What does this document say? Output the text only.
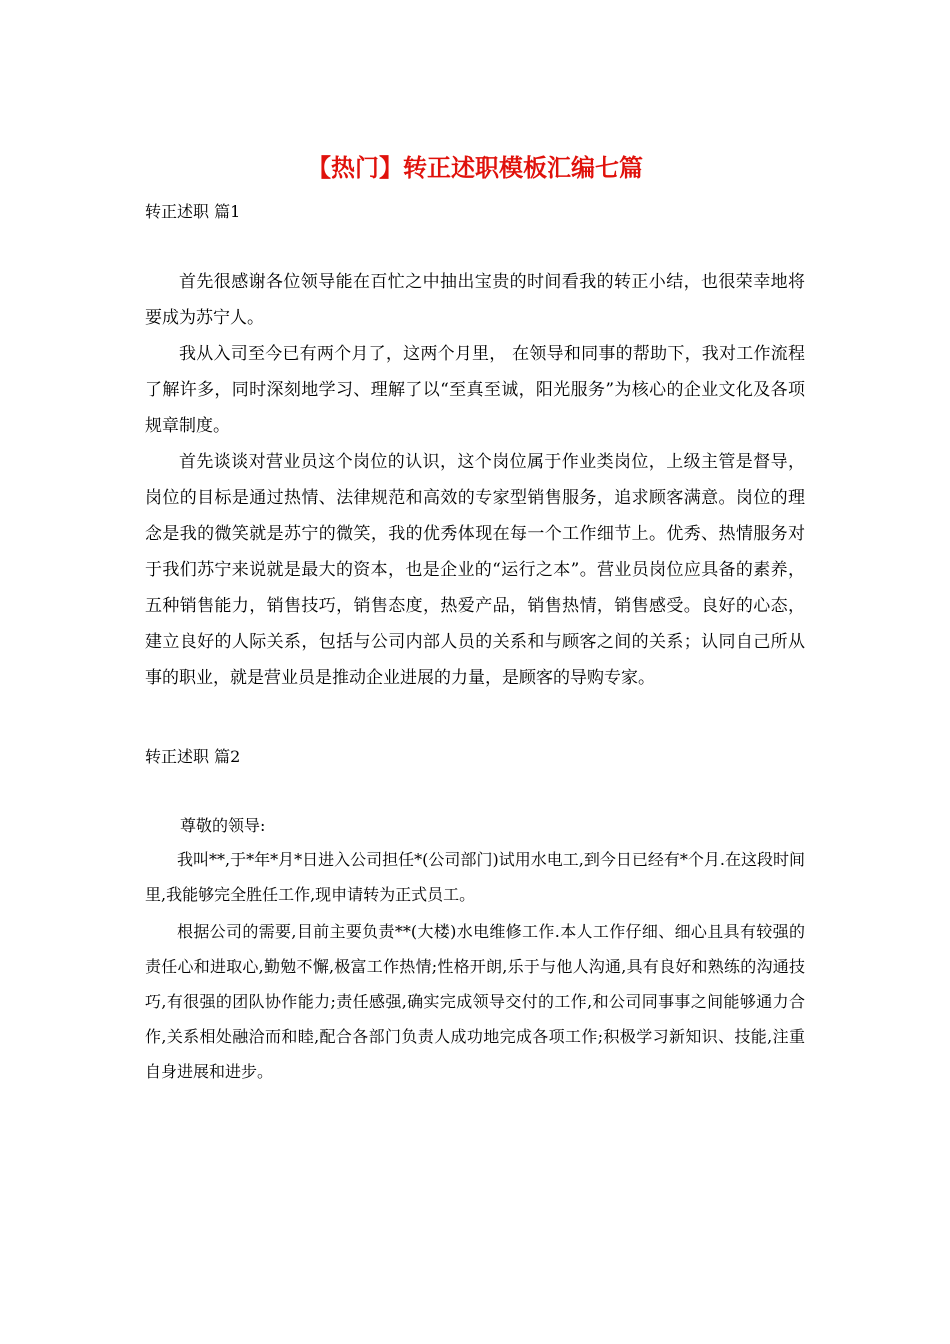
【热门】转正述职模板汇编七篇
转正述职 篇1

首先很感谢各位领导能在百忙之中抽出宝贵的时间看我的转正小结，也很荣幸地将要成为苏宁人。

我从入司至今已有两个月了，这两个月里， 在领导和同事的帮助下，我对工作流程了解许多，同时深刻地学习、理解了以“至真至诚，阳光服务”为核心的企业文化及各项规章制度。

首先谈谈对营业员这个岗位的认识，这个岗位属于作业类岗位，上级主管是督导，岗位的目标是通过热情、法律规范和高效的专家型销售服务，追求顾客满意。岗位的理念是我的微笑就是苏宁的微笑，我的优秀体现在每一个工作细节上。优秀、热情服务对于我们苏宁来说就是最大的资本，也是企业的“运行之本”。营业员岗位应具备的素养，五种销售能力，销售技巧，销售态度，热爱产品，销售热情，销售感受。良好的心态，建立良好的人际关系，包括与公司内部人员的关系和与顾客之间的关系；认同自己所从事的职业，就是营业员是推动企业进展的力量，是顾客的导购专家。

转正述职 篇2
尊敬的领导:

我叫**,于*年*月*日进入公司担任*(公司部门)试用水电工,到今日已经有*个月.在这段时间里,我能够完全胜任工作,现申请转为正式员工。

根据公司的需要,目前主要负责**(大楼)水电维修工作.本人工作仔细、细心且具有较强的责任心和进取心,勤勉不懈,极富工作热情;性格开朗,乐于与他人沟通,具有良好和熟练的沟通技巧,有很强的团队协作能力;责任感强,确实完成领导交付的工作,和公司同事事之间能够通力合作,关系相处融洽而和睦,配合各部门负责人成功地完成各项工作;积极学习新知识、技能,注重自身进展和进步。
